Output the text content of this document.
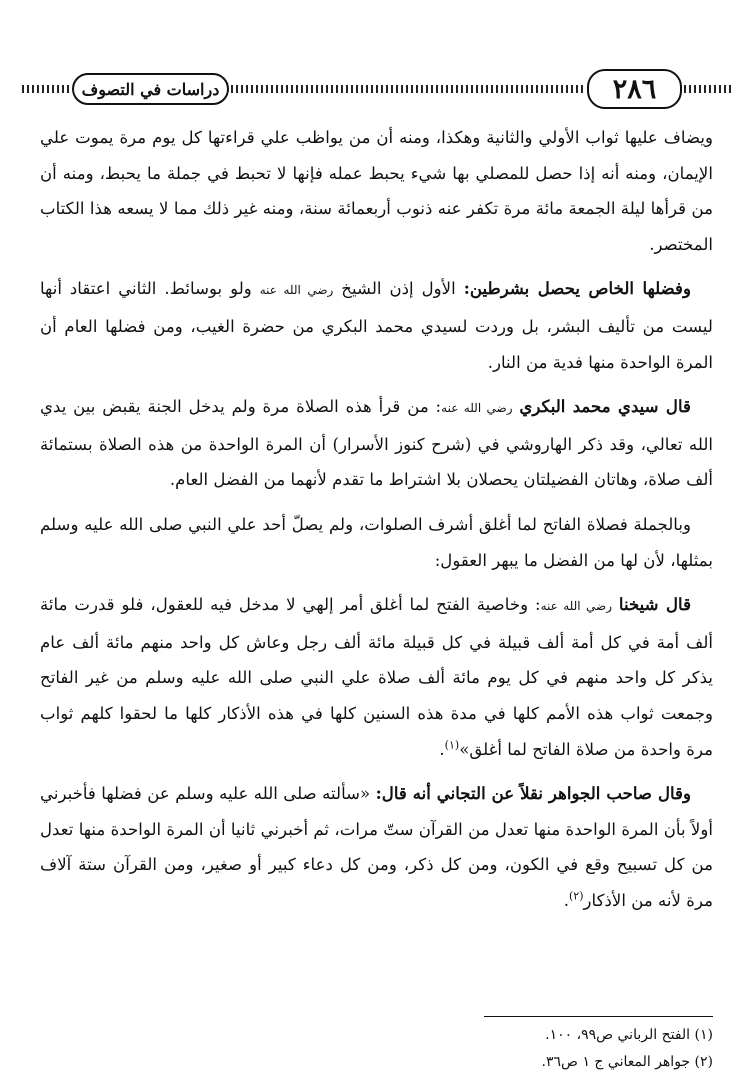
دراسات في التصوف	٢٨٦

ويضاف عليها ثواب الأولي والثانية وهكذا، ومنه أن من يواظب علي قراءتها كل يوم مرة يموت علي الإيمان، ومنه أنه إذا حصل للمصلي بها شيء يحبط عمله فإنها لا تحبط في جملة ما يحبط، ومنه أن من قرأها ليلة الجمعة مائة مرة تكفر عنه ذنوب أربعمائة سنة، ومنه غير ذلك مما لا يسعه هذا الكتاب المختصر.

وفضلها الخاص يحصل بشرطين: الأول إذن الشيخ رضي الله عنه ولو بوسائط. الثاني اعتقاد أنها ليست من تأليف البشر، بل وردت لسيدي محمد البكري من حضرة الغيب، ومن فضلها العام أن المرة الواحدة منها فدية من النار.

قال سيدي محمد البكري رضي الله عنه: من قرأ هذه الصلاة مرة ولم يدخل الجنة يقبض بين يدي الله تعالي، وقد ذكر الهاروشي في (شرح كنوز الأسرار) أن المرة الواحدة من هذه الصلاة بستمائة ألف صلاة، وهاتان الفضيلتان يحصلان بلا اشتراط ما تقدم لأنهما من الفضل العام.

وبالجملة فصلاة الفاتح لما أغلق أشرف الصلوات، ولم يصلّ أحد علي النبي صلى الله عليه وسلم بمثلها، لأن لها من الفضل ما يبهر العقول:

قال شيخنا رضي الله عنه: وخاصية الفتح لما أغلق أمر إلهي لا مدخل فيه للعقول، فلو قدرت مائة ألف أمة في كل أمة ألف قبيلة في كل قبيلة مائة ألف رجل وعاش كل واحد منهم مائة ألف عام يذكر كل واحد منهم في كل يوم مائة ألف صلاة علي النبي صلى الله عليه وسلم من غير الفاتح وجمعت ثواب هذه الأمم كلها في مدة هذه السنين كلها في هذه الأذكار كلها ما لحقوا كلهم ثواب مرة واحدة من صلاة الفاتح لما أغلق»$^{(١)}$.

وقال صاحب الجواهر نقلاً عن التجاني أنه قال: «سألته صلى الله عليه وسلم عن فضلها فأخبرني أولاً بأن المرة الواحدة منها تعدل من القرآن ستّ مرات، ثم أخبرني ثانيا أن المرة الواحدة منها تعدل من كل تسبيح وقع في الكون، ومن كل ذكر، ومن كل دعاء كبير أو صغير، ومن القرآن ستة آلاف مرة لأنه من الأذكار$^{(٢)}$.

(١) الفتح الرباني ص٩٩، ١٠٠.
(٢) جواهر المعاني ج ١ ص٣٦.
